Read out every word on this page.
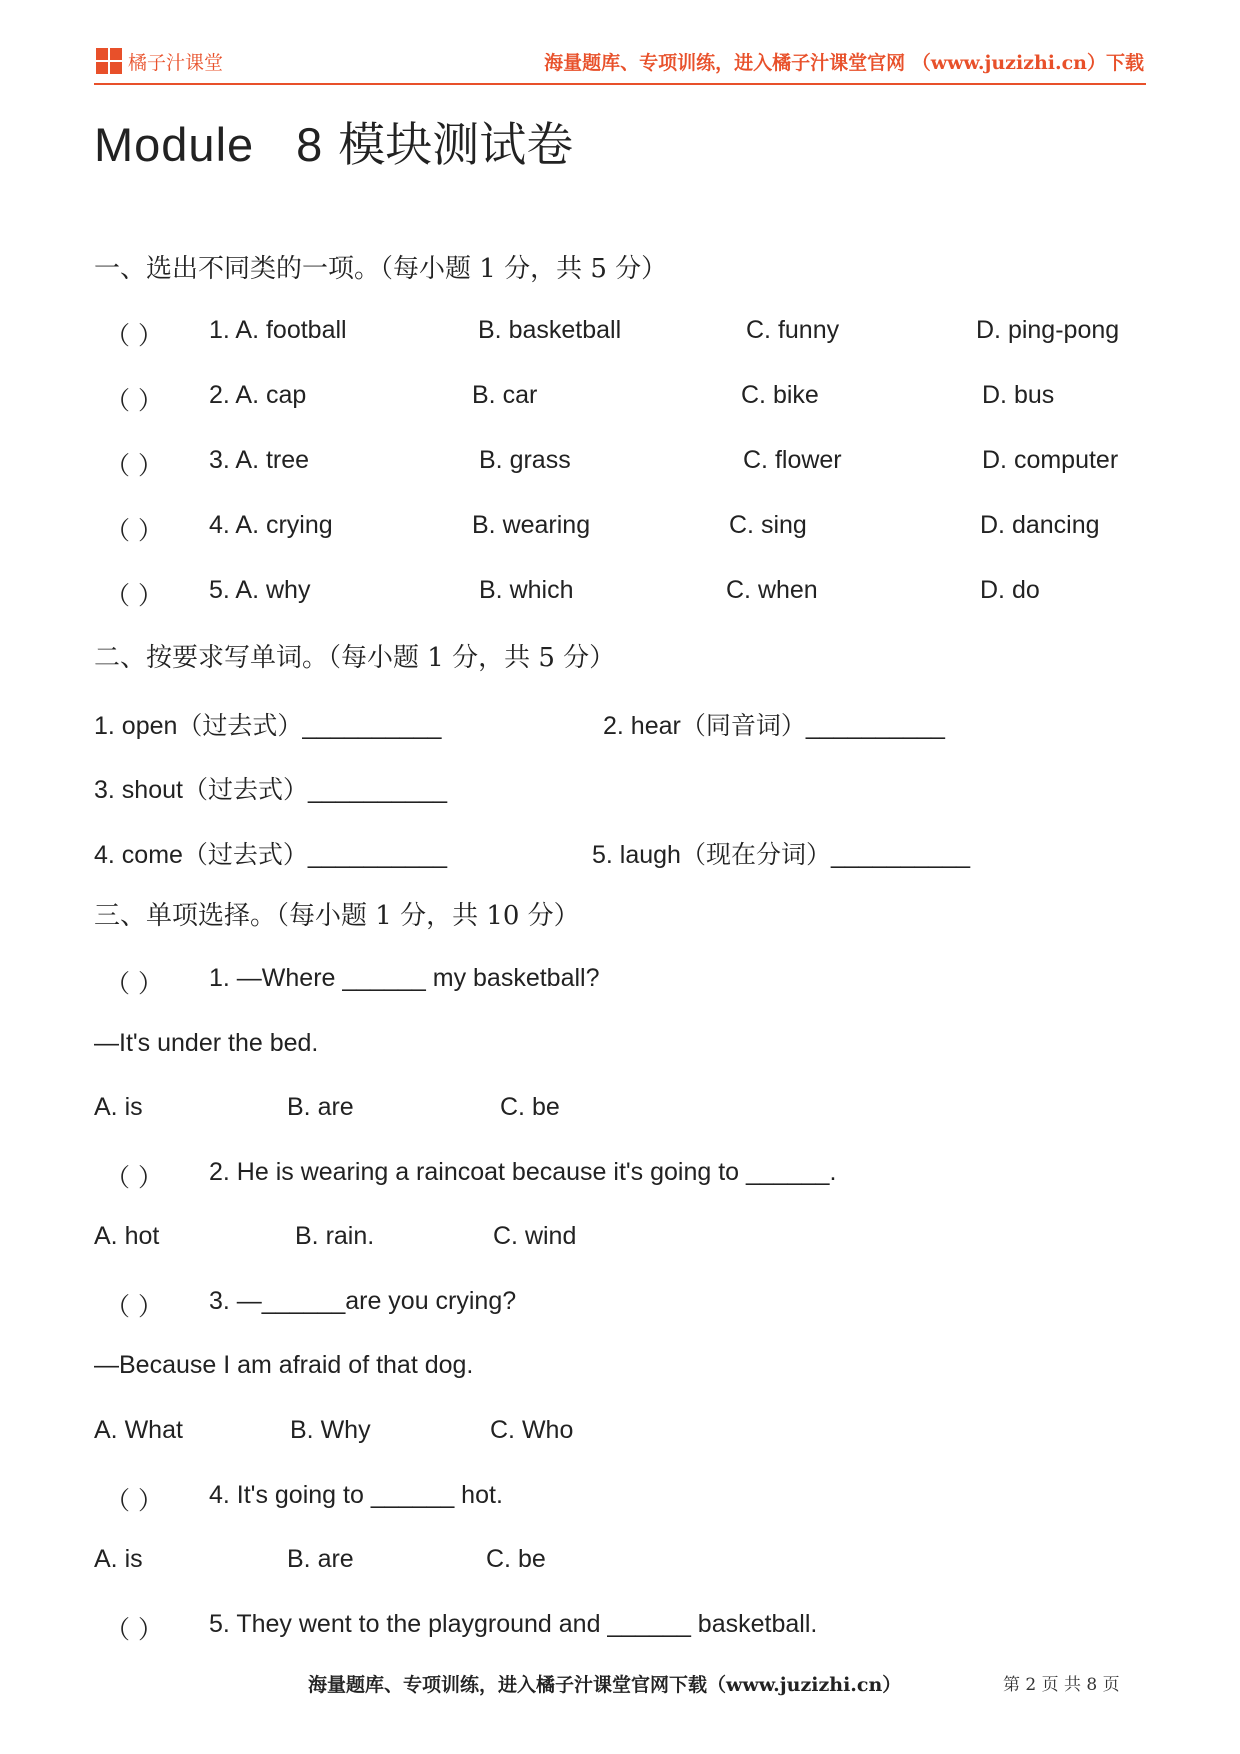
橘子汁课堂	海量题库、专项训练，进入橘子汁课堂官网 （www.juzizhi.cn）下载
Module 8 模块测试卷
一、选出不同类的一项。（每小题 1 分，共 5 分）
（ ） 1. A. football	B. basketball	C. funny	D. ping-pong
（ ） 2. A. cap	B. car	C. bike	D. bus
（ ） 3. A. tree	B. grass	C. flower	D. computer
（ ） 4. A. crying	B. wearing	C. sing	D. dancing
（ ） 5. A. why	B. which	C. when	D. do
二、按要求写单词。（每小题 1 分，共 5 分）
1. open（过去式）__________	2. hear（同音词）__________
3. shout（过去式）__________
4. come（过去式）__________	5. laugh（现在分词）__________
三、单项选择。（每小题 1 分，共 10 分）
（ ） 1. —Where ______ my basketball?
—It's under the bed.
A. is	B. are	C. be
（ ） 2. He is wearing a raincoat because it's going to ______.
A. hot	B. rain.	C. wind
（ ） 3. —______are you crying?
—Because I am afraid of that dog.
A. What	B. Why	C. Who
（ ） 4. It's going to ______ hot.
A. is	B. are	C. be
（ ） 5. They went to the playground and ______ basketball.
海量题库、专项训练，进入橘子汁课堂官网下载（www.juzizhi.cn）	第 2 页 共 8 页
